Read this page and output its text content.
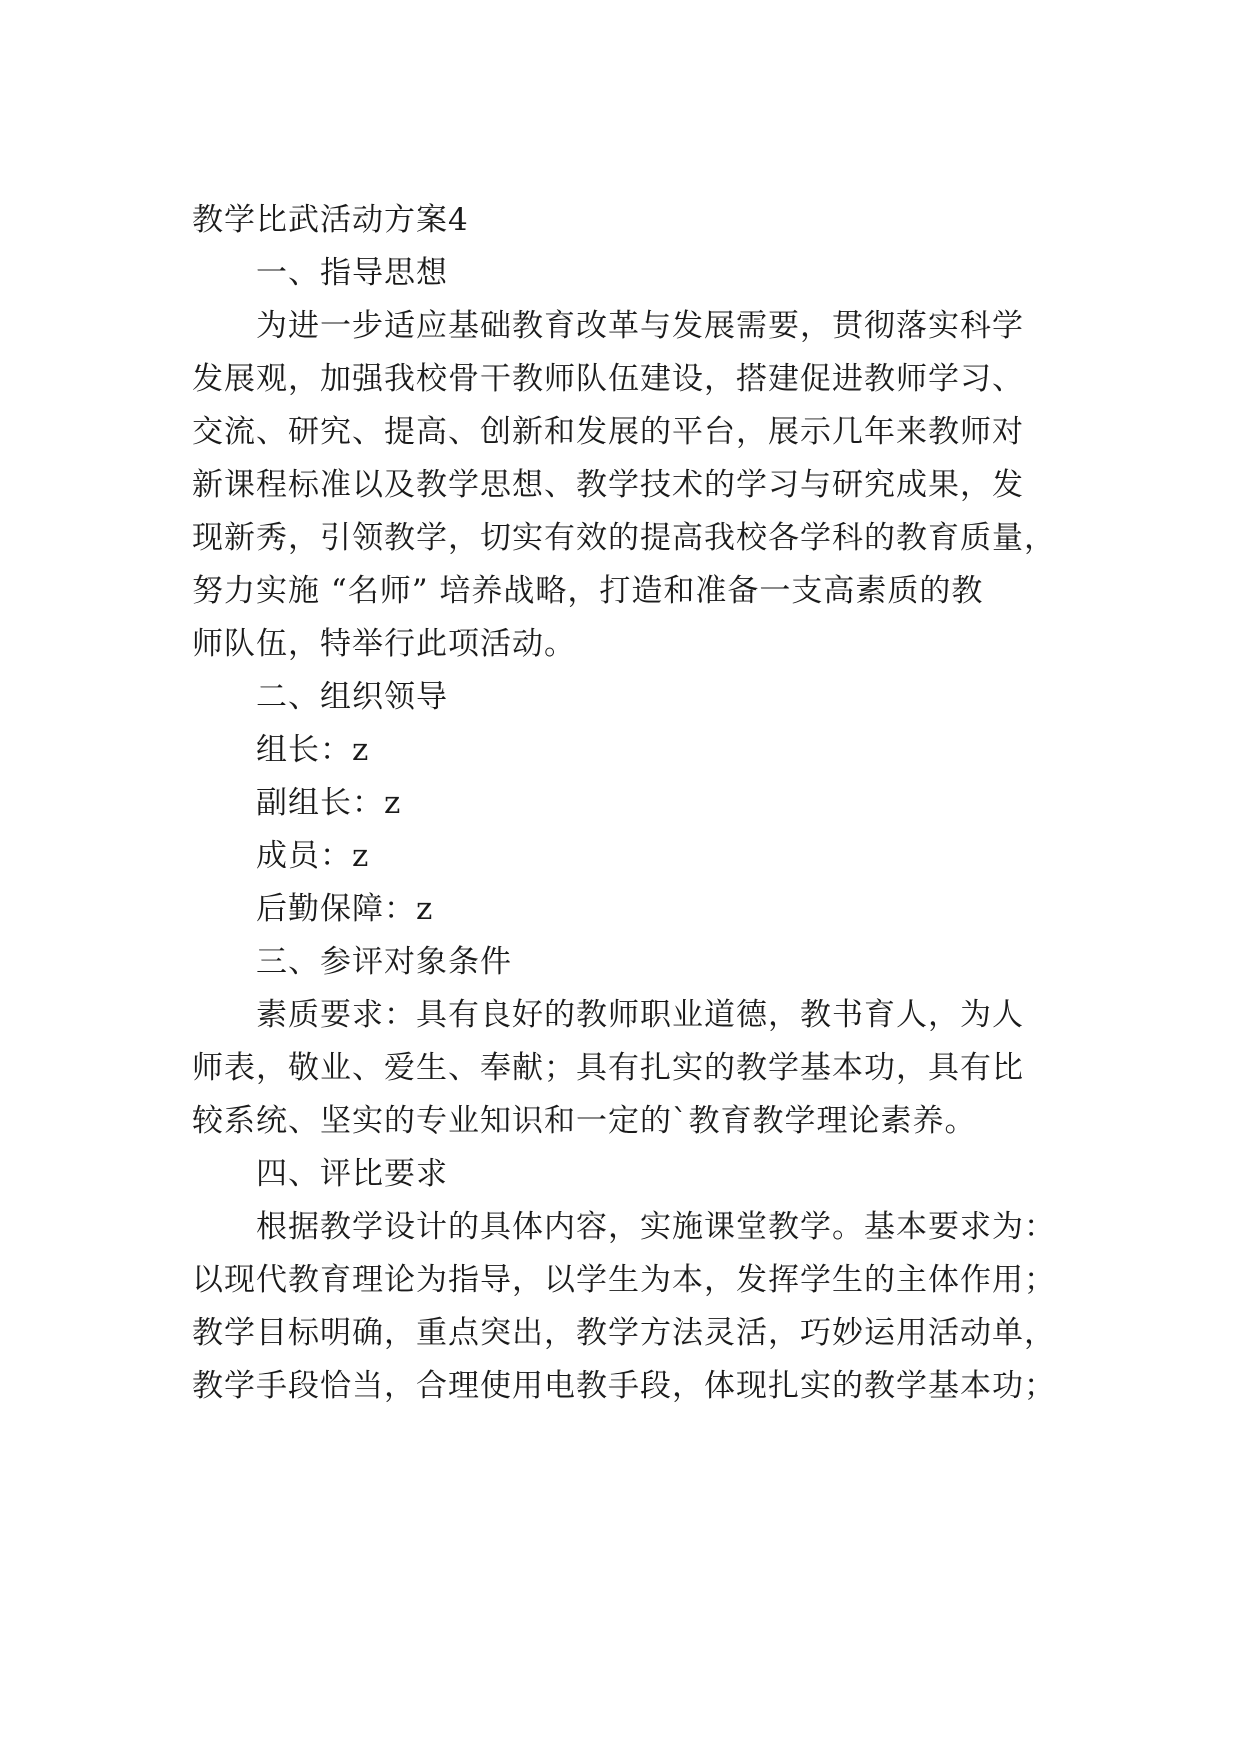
教学比武活动方案4
一、指导思想
为进一步适应基础教育改革与发展需要，贯彻落实科学
发展观，加强我校骨干教师队伍建设，搭建促进教师学习、
交流、研究、提高、创新和发展的平台，展示几年来教师对
新课程标准以及教学思想、教学技术的学习与研究成果，发
现新秀，引领教学，切实有效的提高我校各学科的教育质量，
努力实施 “名师” 培养战略，打造和准备一支高素质的教
师队伍，特举行此项活动。
二、组织领导
组长：z
副组长：z
成员：z
后勤保障：z
三、参评对象条件
素质要求：具有良好的教师职业道德，教书育人，为人
师表，敬业、爱生、奉献；具有扎实的教学基本功，具有比
较系统、坚实的专业知识和一定的`教育教学理论素养。
四、评比要求
根据教学设计的具体内容，实施课堂教学。基本要求为：
以现代教育理论为指导，以学生为本，发挥学生的主体作用；
教学目标明确，重点突出，教学方法灵活，巧妙运用活动单，
教学手段恰当，合理使用电教手段，体现扎实的教学基本功；
